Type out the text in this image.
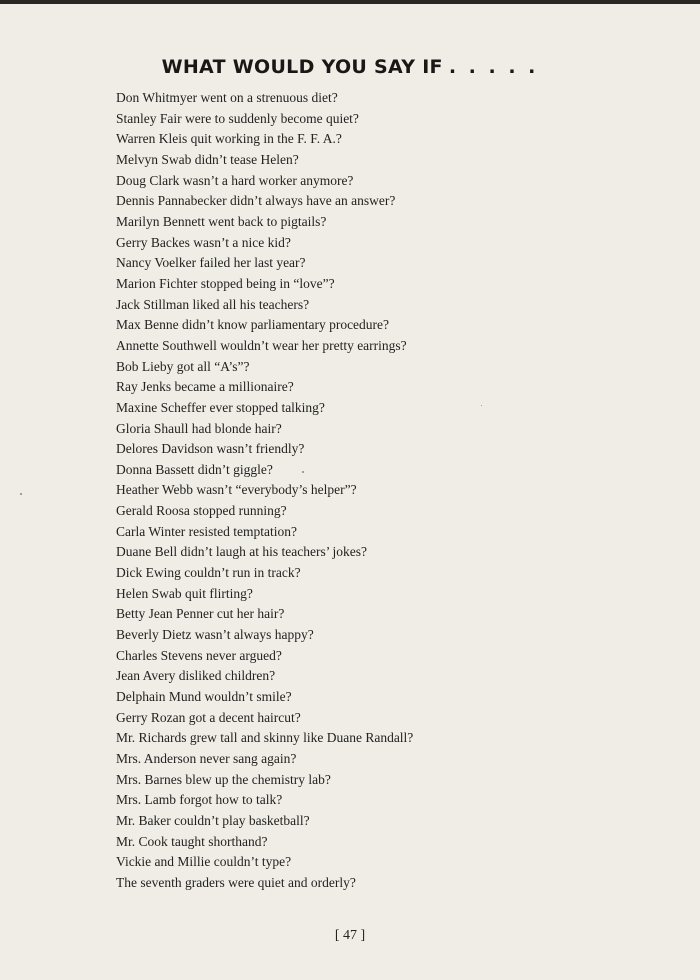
WHAT WOULD YOU SAY IF . . . . .
Don Whitmyer went on a strenuous diet?
Stanley Fair were to suddenly become quiet?
Warren Kleis quit working in the F. F. A.?
Melvyn Swab didn’t tease Helen?
Doug Clark wasn’t a hard worker anymore?
Dennis Pannabecker didn’t always have an answer?
Marilyn Bennett went back to pigtails?
Gerry Backes wasn’t a nice kid?
Nancy Voelker failed her last year?
Marion Fichter stopped being in “love”?
Jack Stillman liked all his teachers?
Max Benne didn’t know parliamentary procedure?
Annette Southwell wouldn’t wear her pretty earrings?
Bob Lieby got all “A’s”?
Ray Jenks became a millionaire?
Maxine Scheffer ever stopped talking?
Gloria Shaull had blonde hair?
Delores Davidson wasn’t friendly?
Donna Bassett didn’t giggle?
Heather Webb wasn’t “everybody’s helper”?
Gerald Roosa stopped running?
Carla Winter resisted temptation?
Duane Bell didn’t laugh at his teachers’ jokes?
Dick Ewing couldn’t run in track?
Helen Swab quit flirting?
Betty Jean Penner cut her hair?
Beverly Dietz wasn’t always happy?
Charles Stevens never argued?
Jean Avery disliked children?
Delphain Mund wouldn’t smile?
Gerry Rozan got a decent haircut?
Mr. Richards grew tall and skinny like Duane Randall?
Mrs. Anderson never sang again?
Mrs. Barnes blew up the chemistry lab?
Mrs. Lamb forgot how to talk?
Mr. Baker couldn’t play basketball?
Mr. Cook taught shorthand?
Vickie and Millie couldn’t type?
The seventh graders were quiet and orderly?
[ 47 ]
